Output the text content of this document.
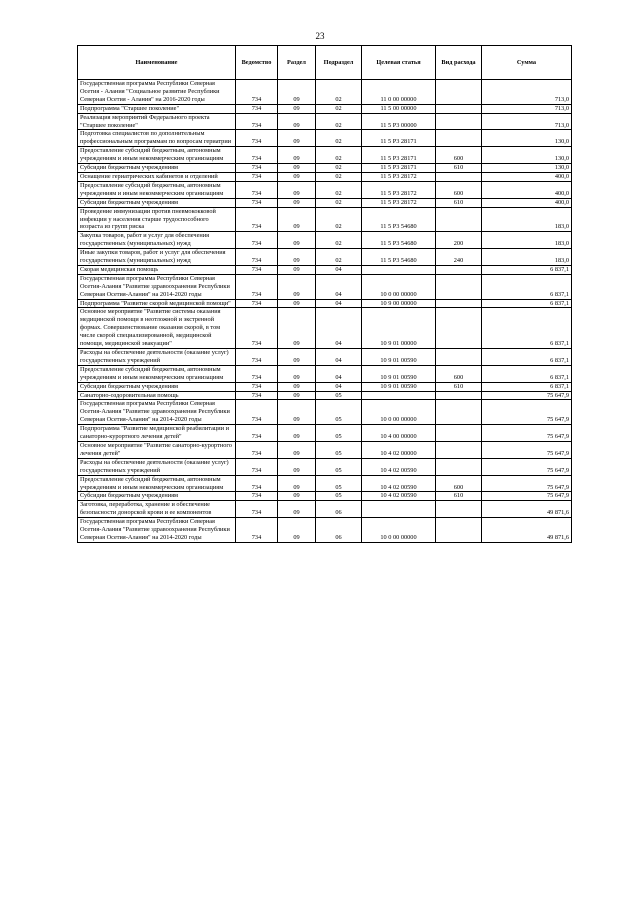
23
Наименование	Ведомство	Раздел	Подраздел	Целевая статья	Вид расхода	Сумма
Государственная программа Республики Северная Осетия - Алания "Социальное развитие Республики Северная Осетия - Алания" на 2016-2020 годы	734	09	02	11 0 00 00000		713,0
Подпрограмма "Старшее поколение"	734	09	02	11 5 00 00000		713,0
Реализация мероприятий Федерального проекта "Старшее поколение"	734	09	02	11 5 P3 00000		713,0
Подготовка специалистов по дополнительным профессиональным программам по вопросам гериатрии	734	09	02	11 5 P3 28171		130,0
Предоставление субсидий бюджетным, автономным учреждениям и иным некоммерческим организациям	734	09	02	11 5 P3 28171	600	130,0
Субсидии бюджетным учреждениям	734	09	02	11 5 P3 28171	610	130,0
Оснащение гериатрических кабинетов и отделений	734	09	02	11 5 P3 28172		400,0
Предоставление субсидий бюджетным, автономным учреждениям и иным некоммерческим организациям	734	09	02	11 5 P3 28172	600	400,0
Субсидии бюджетным учреждениям	734	09	02	11 5 P3 28172	610	400,0
Проведение иммунизации против пневмококковой инфекции у населения старше трудоспособного возраста из групп риска	734	09	02	11 5 P3 54680		183,0
Закупка товаров, работ и услуг для обеспечения государственных (муниципальных) нужд	734	09	02	11 5 P3 54680	200	183,0
Иные закупки товаров, работ и услуг для обеспечения государственных (муниципальных) нужд	734	09	02	11 5 P3 54680	240	183,0
Скорая медицинская помощь	734	09	04			6 837,1
Государственная программа Республики Северная Осетия-Алания "Развитие здравоохранения Республики Северная Осетия-Алания" на 2014-2020 годы	734	09	04	10 0 00 00000		6 837,1
Подпрограмма "Развитие скорой медицинской помощи"	734	09	04	10 9 00 00000		6 837,1
Основное мероприятие "Развитие системы оказания медицинской помощи в неотложной и экстренной формах. Совершенствование оказания скорой, в том числе скорой специализированной, медицинской помощи, медицинской эвакуации"	734	09	04	10 9 01 00000		6 837,1
Расходы на обеспечение деятельности (оказание услуг) государственных учреждений	734	09	04	10 9 01 00590		6 837,1
Предоставление субсидий бюджетным, автономным учреждениям и иным некоммерческим организациям	734	09	04	10 9 01 00590	600	6 837,1
Субсидии бюджетным учреждениям	734	09	04	10 9 01 00590	610	6 837,1
Санаторно-оздоровительная помощь	734	09	05			75 647,9
Государственная программа Республики Северная Осетия-Алания "Развитие здравоохранения Республики Северная Осетия-Алания" на 2014-2020 годы	734	09	05	10 0 00 00000		75 647,9
Подпрограмма "Развитие медицинской реабилитации и санаторно-курортного лечения детей"	734	09	05	10 4 00 00000		75 647,9
Основное мероприятие "Развитие санаторно-курортного лечения детей"	734	09	05	10 4 02 00000		75 647,9
Расходы на обеспечение деятельности (оказание услуг) государственных учреждений	734	09	05	10 4 02 00590		75 647,9
Предоставление субсидий бюджетным, автономным учреждениям и иным некоммерческим организациям	734	09	05	10 4 02 00590	600	75 647,9
Субсидии бюджетным учреждениям	734	09	05	10 4 02 00590	610	75 647,9
Заготовка, переработка, хранение и обеспечение безопасности донорской крови и ее компонентов	734	09	06			49 871,6
Государственная программа Республики Северная Осетия-Алания "Развитие здравоохранения Республики Северная Осетия-Алания" на 2014-2020 годы	734	09	06	10 0 00 00000		49 871,6
